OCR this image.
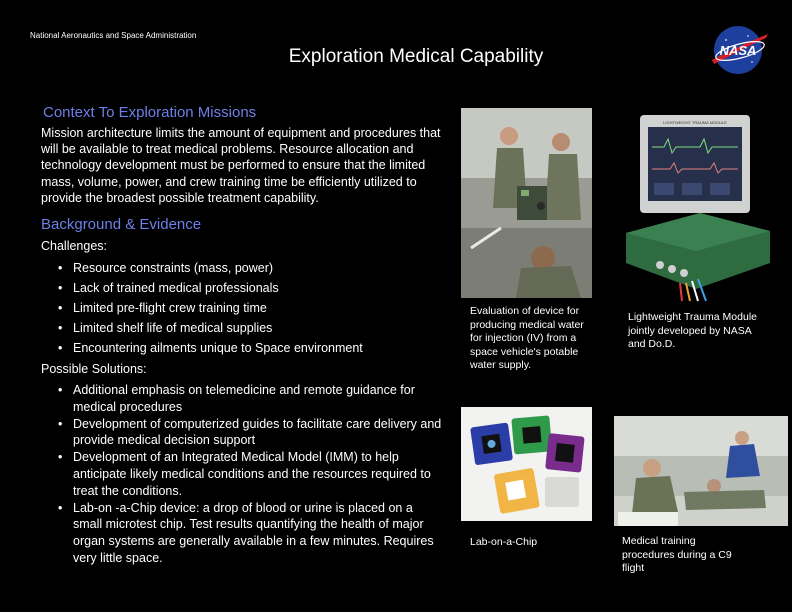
National Aeronautics and Space Administration
Exploration Medical Capability	NASA
Context To Exploration Missions
Mission architecture limits the amount of equipment and procedures that will be available to treat medical problems. Resource allocation and technology development must be performed to ensure that the limited mass, volume, power, and crew training time be efficiently utilized to provide the broadest possible treatment capability.
Background & Evidence
Challenges:
• Resource constraints (mass, power)
• Lack of trained medical professionals
• Limited pre-flight crew training time
• Limited shelf life of medical supplies
• Encountering ailments unique to Space environment
Possible Solutions:
• Additional emphasis on telemedicine and remote guidance for medical procedures
• Development of computerized guides to facilitate care delivery and provide medical decision support
• Development of an Integrated Medical Model (IMM) to help anticipate likely medical conditions and the resources required to treat the conditions.
• Lab-on -a-Chip device: a drop of blood or urine is placed on a small microtest chip. Test results quantifying the health of major organ systems are generally available in a few minutes. Requires very little space.
Evaluation of device for producing medical water for injection (IV) from a space vehicle's potable water supply.
LIGHTWEIGHT TRAUMA MODULE
Lightweight Trauma Module jointly developed by NASA and Do.D.
Lab-on-a-Chip	Medical training procedures during a C9 flight
